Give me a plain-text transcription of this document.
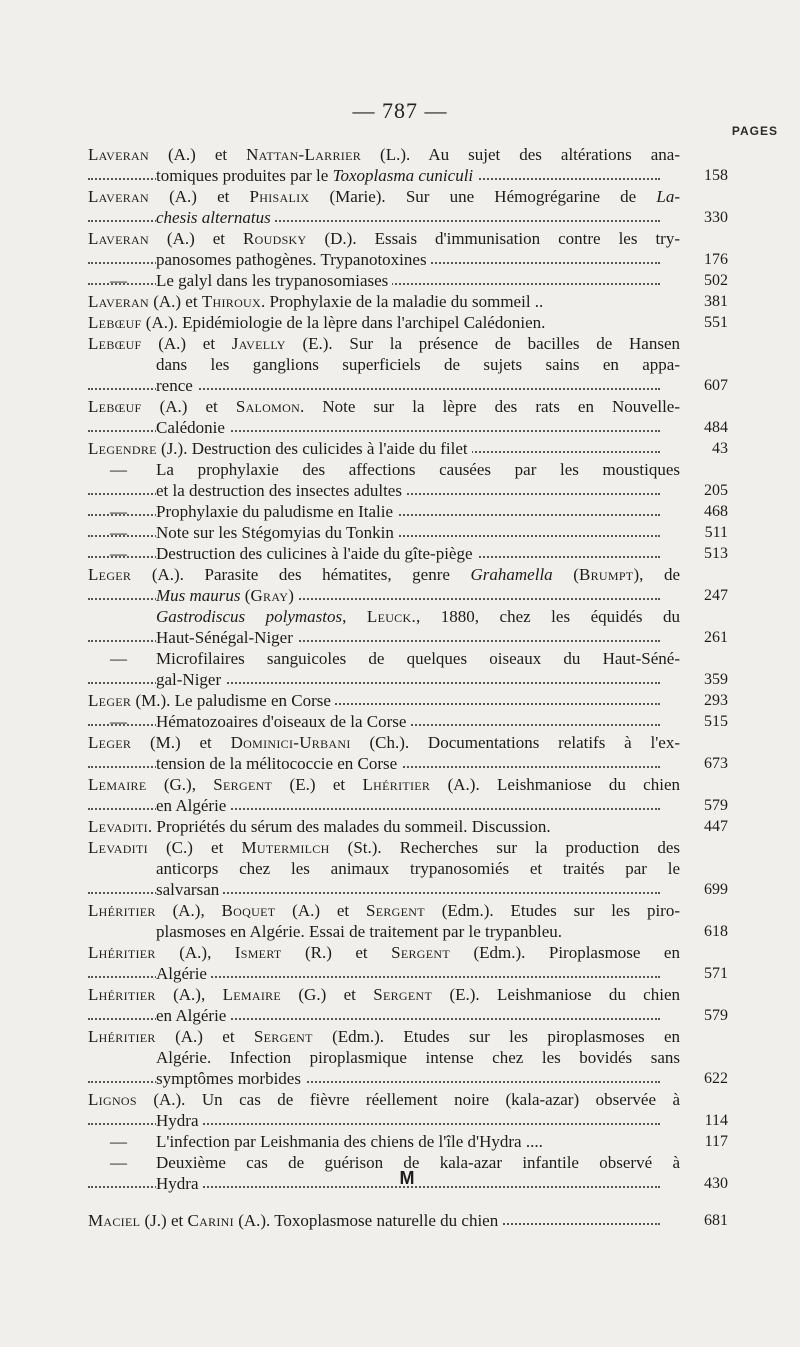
— 787 —
PAGES
Laveran (A.) et Nattan-Larrier (L.). Au sujet des altérations ana-
tomiques produites par le Toxoplasma cuniculi	158
Laveran (A.) et Phisalix (Marie). Sur une Hémogrégarine de La-
chesis alternatus	330
Laveran (A.) et Roudsky (D.). Essais d'immunisation contre les try-
panosomes pathogènes. Trypanotoxines	176
— Le galyl dans les trypanosomiases	502
Laveran (A.) et Thiroux. Prophylaxie de la maladie du sommeil ..	381
Lebœuf (A.). Epidémiologie de la lèpre dans l'archipel Calédonien.	551
Lebœuf (A.) et Javelly (E.). Sur la présence de bacilles de Hansen
dans les ganglions superficiels de sujets sains en appa-
rence	607
Lebœuf (A.) et Salomon. Note sur la lèpre des rats en Nouvelle-
Calédonie	484
Legendre (J.). Destruction des culicides à l'aide du filet	43
— La prophylaxie des affections causées par les moustiques
et la destruction des insectes adultes	205
— Prophylaxie du paludisme en Italie	468
— Note sur les Stégomyias du Tonkin	511
— Destruction des culicines à l'aide du gîte-piège	513
Leger (A.). Parasite des hématites, genre Grahamella (Brumpt), de
Mus maurus (Gray)	247
Gastrodiscus polymastos, Leuck., 1880, chez les équidés du
Haut-Sénégal-Niger	261
— Microfilaires sanguicoles de quelques oiseaux du Haut-Séné-
gal-Niger	359
Leger (M.). Le paludisme en Corse	293
— Hématozoaires d'oiseaux de la Corse	515
Leger (M.) et Dominici-Urbani (Ch.). Documentations relatifs à l'ex-
tension de la mélitococcie en Corse	673
Lemaire (G.), Sergent (E.) et Lhéritier (A.). Leishmaniose du chien
en Algérie	579
Levaditi. Propriétés du sérum des malades du sommeil. Discussion.	447
Levaditi (C.) et Mutermilch (St.). Recherches sur la production des
anticorps chez les animaux trypanosomiés et traités par le
salvarsan	699
Lhéritier (A.), Boquet (A.) et Sergent (Edm.). Etudes sur les piro-
plasmoses en Algérie. Essai de traitement par le trypanbleu.	618
Lhéritier (A.), Ismert (R.) et Sergent (Edm.). Piroplasmose en
Algérie	571
Lhéritier (A.), Lemaire (G.) et Sergent (E.). Leishmaniose du chien
en Algérie	579
Lhéritier (A.) et Sergent (Edm.). Etudes sur les piroplasmoses en
Algérie. Infection piroplasmique intense chez les bovidés sans
symptômes morbides	622
Lignos (A.). Un cas de fièvre réellement noire (kala-azar) observée à
Hydra	114
— L'infection par Leishmania des chiens de l'île d'Hydra ....	117
— Deuxième cas de guérison de kala-azar infantile observé à
Hydra	430
M
Maciel (J.) et Carini (A.). Toxoplasmose naturelle du chien	681
